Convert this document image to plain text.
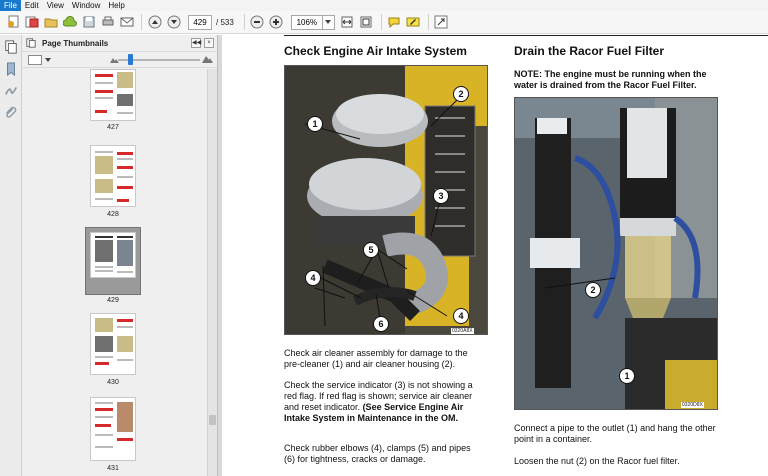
File	Edit	View	Window	Help
429	/ 533	106%
Page Thumbnails	◀◀	×
427
428
429
430
431
Check Engine Air Intake System	Drain the Racor Fuel Filter
NOTE: The engine must be running when the water is drained from the Racor Fuel Filter.
1
2
3
4
5
4
6
0320A8X
2
1
0320D8X
Check air cleaner assembly for damage to the pre-cleaner (1) and air cleaner housing (2).
Check the service indicator (3) is not showing a red flag. If red flag is shown; service air cleaner and reset indicator. (See Service Engine Air Intake System in Maintenance in the OM.
Check rubber elbows (4), clamps (5) and pipes (6) for tightness, cracks or damage.
Connect a pipe to the outlet (1) and hang the other point in a container.
Loosen the nut (2) on the Racor fuel filter.
